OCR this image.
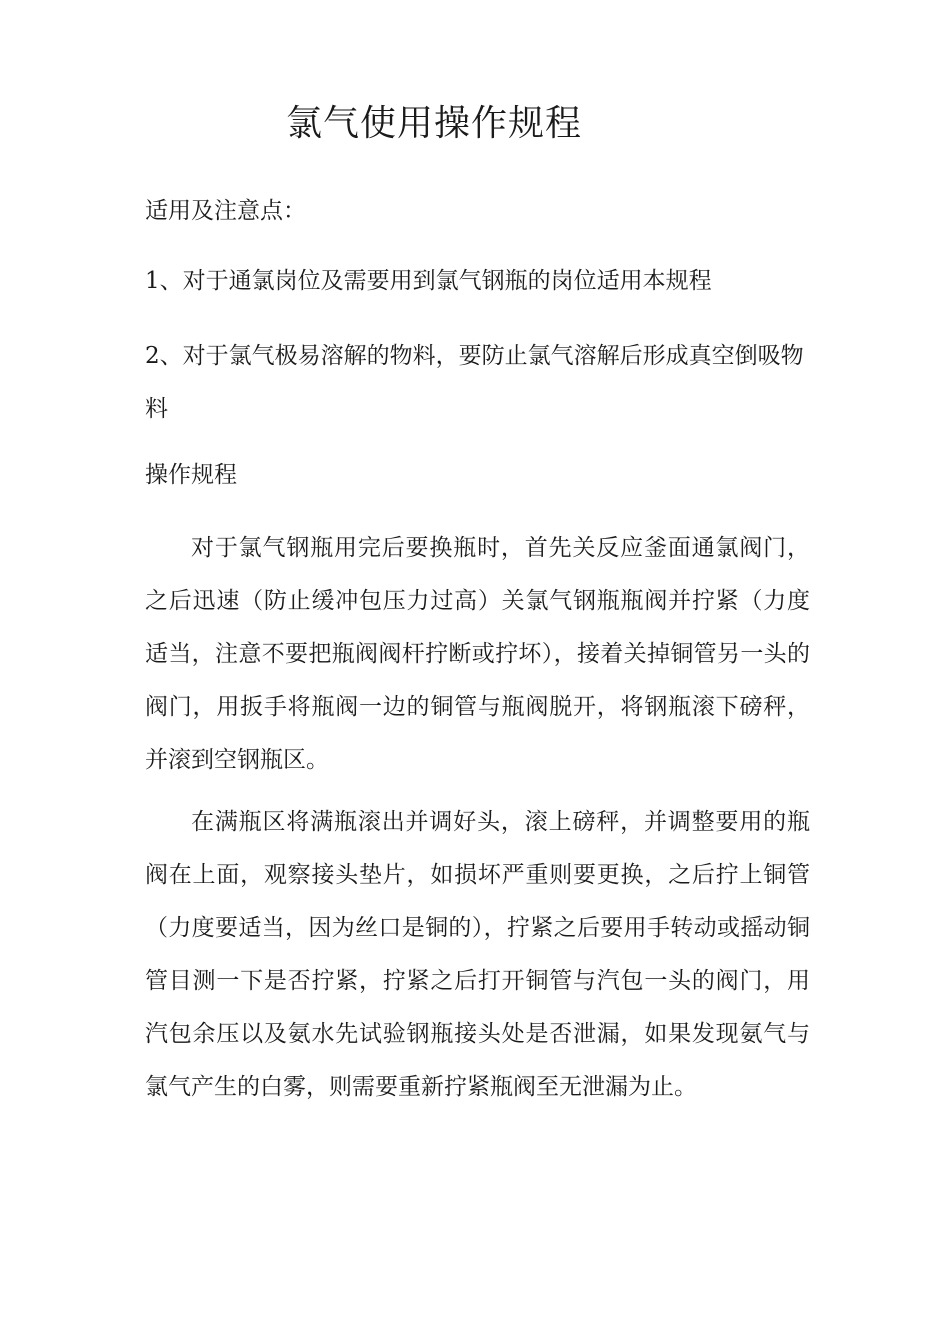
氯气使用操作规程
适用及注意点：
1、对于通氯岗位及需要用到氯气钢瓶的岗位适用本规程
2、对于氯气极易溶解的物料，要防止氯气溶解后形成真空倒吸物料
操作规程
对于氯气钢瓶用完后要换瓶时，首先关反应釜面通氯阀门，之后迅速（防止缓冲包压力过高）关氯气钢瓶瓶阀并拧紧（力度适当，注意不要把瓶阀阀杆拧断或拧坏），接着关掉铜管另一头的阀门，用扳手将瓶阀一边的铜管与瓶阀脱开，将钢瓶滚下磅秤，并滚到空钢瓶区。
在满瓶区将满瓶滚出并调好头，滚上磅秤，并调整要用的瓶阀在上面，观察接头垫片，如损坏严重则要更换，之后拧上铜管（力度要适当，因为丝口是铜的），拧紧之后要用手转动或摇动铜管目测一下是否拧紧，拧紧之后打开铜管与汽包一头的阀门，用汽包余压以及氨水先试验钢瓶接头处是否泄漏，如果发现氨气与氯气产生的白雾，则需要重新拧紧瓶阀至无泄漏为止。
